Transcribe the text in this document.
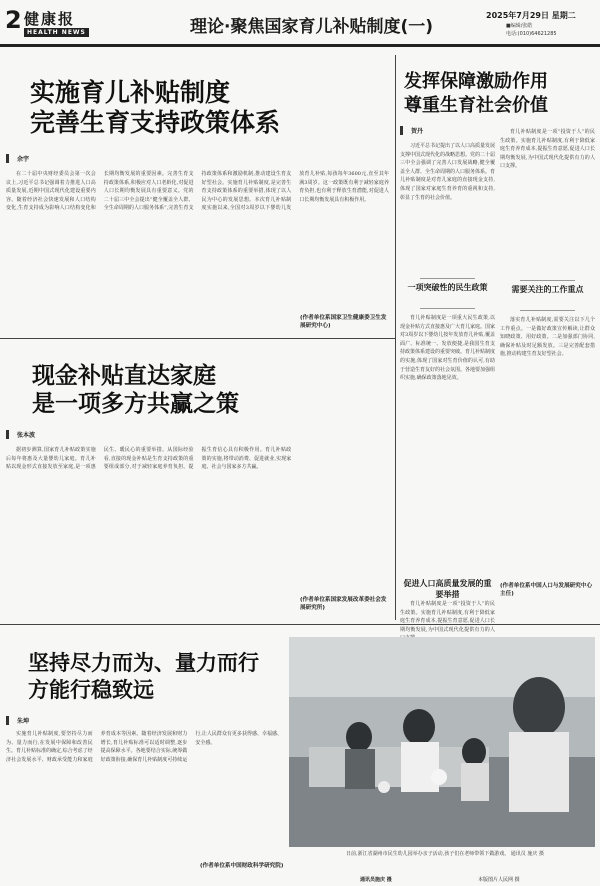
2 健康报
HEALTH NEWS	理论·聚焦国家育儿补贴制度(一)
2025年7月29日 星期二
■编辑/张皓
电话:(010)64621285
实施育儿补贴制度
完善生育支持政策体系
余宇

在二十届中央财经委员会第一次会议上,习近平总书记强调着力推进人口高质量发展,近期中国式现代化建设重要内容。随着经济社会快速发展和人口结构变化,生育支持成为影响人口结构变化和长期均衡发展的重要因素。完善生育支持政策体系,积极应对人口老龄化,对促进人口长期均衡发展具有重要意义。党的二十届三中全会提出“健全覆盖全人群、全生命周期的人口服务体系”,完善生育支持政策体系和激励机制,推动建设生育友好型社会。实施育儿补贴制度,是完善生育支持政策体系的重要举措,体现了以人民为中心的发展思想。本次育儿补贴制度实施以来,全国对3周岁以下婴幼儿发放育儿补贴,每孩每年3600元,直至其年满3周岁。这一政策既有利于减轻家庭养育负担,也有利于释放生育潜能,对促进人口长期均衡发展具有积极作用。

(作者单位系国家卫生健康委卫生发展研究中心)
发挥保障激励作用
尊重生育社会价值
贺丹

习近平总书记提出了以人口高质量发展支撑中国式现代化的战略思想。党的二十届三中全会强调了完善人口发展战略,健全覆盖全人群、全生命周期的人口服务体系。育儿补贴制度是对育儿家庭的直接现金支持,体现了国家对家庭生育养育的重视和支持,彰显了生育的社会价值。

一项突破性的民生政策

育儿补贴制度是一项重大民生政策,以现金补贴方式直接惠及广大育儿家庭。国家对3周岁以下婴幼儿按年发放育儿补贴,覆盖面广、标准统一、发放便捷,是我国生育支持政策体系建设的重要突破。育儿补贴制度的实施,体现了国家对生育价值的认可,有助于营造生育友好的社会氛围。各地要加强组织实施,确保政策落地见效。

促进人口高质量发展的重要举措

育儿补贴制度是一项“投资于人”的民生政策。实施育儿补贴制度,有利于降低家庭生育养育成本,提振生育意愿,促进人口长期均衡发展,为中国式现代化提供有力的人

育儿补贴制度是一项“投资于人”的民生政策。实施育儿补贴制度,有利于降低家庭生育养育成本,提振生育意愿,促进人口长期均衡发展,为中国式现代化提供有力的人口支撑。

需要关注的工作重点

落实育儿补贴制度,需要关注以下几个工作重点。一是做好政策宣传解读,让群众知晓政策、用好政策。二是加强部门协同,确保补贴及时足额发放。三是完善配套措施,推动构建生育友好型社会。

(作者单位系中国人口与发展研究中心主任)
现金补贴直达家庭
是一项多方共赢之策
张本波

据初步测算,国家育儿补贴政策实施后每年将惠及大量婴幼儿家庭。育儿补贴以现金形式直接发放至家庭,是一项惠民生、暖民心的重要举措。从国际经验看,直接的现金补贴是生育支持政策的重要组成部分,对于减轻家庭养育负担、提振生育信心具有积极作用。育儿补贴政策的实施,将带动消费、促进就业,实现家庭、社会与国家多方共赢。

(作者单位系国家发展改革委社会发展研究所)
坚持尽力而为、量力而行
方能行稳致远
朱坤

实施育儿补贴制度,要坚持尽力而为、量力而行,在发展中保障和改善民生。育儿补贴标准的确定,综合考虑了经济社会发展水平、财政承受能力和家庭养育成本等因素。随着经济发展和财力增长,育儿补贴标准可以适时调整,逐步提高保障水平。各地要结合实际,统筹做好政策衔接,确保育儿补贴制度可持续运行,让人民群众有更多获得感、幸福感、安全感。

(作者单位系中国财政科学研究院)
日前,浙江省湖州市民生幼儿园举办亲子活动,孩子们在老师带领下做游戏。 通讯员 施庆 摄
通讯员施庆 摄	本版图片人民网 摄
